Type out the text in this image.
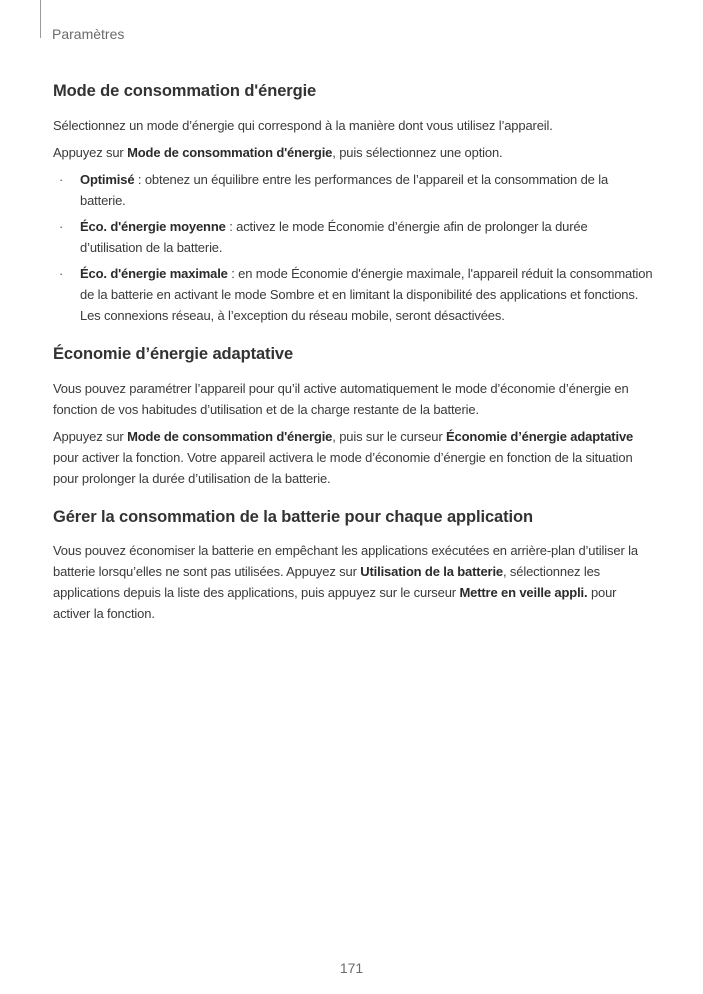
Paramètres
Mode de consommation d'énergie

Sélectionnez un mode d’énergie qui correspond à la manière dont vous utilisez l’appareil.

Appuyez sur Mode de consommation d'énergie, puis sélectionnez une option.

· Optimisé : obtenez un équilibre entre les performances de l’appareil et la consommation de la batterie.
· Éco. d'énergie moyenne : activez le mode Économie d’énergie afin de prolonger la durée d’utilisation de la batterie.
· Éco. d'énergie maximale : en mode Économie d'énergie maximale, l'appareil réduit la consommation de la batterie en activant le mode Sombre et en limitant la disponibilité des applications et fonctions. Les connexions réseau, à l’exception du réseau mobile, seront désactivées.
Économie d’énergie adaptative

Vous pouvez paramétrer l’appareil pour qu’il active automatiquement le mode d’économie d’énergie en fonction de vos habitudes d’utilisation et de la charge restante de la batterie.

Appuyez sur Mode de consommation d'énergie, puis sur le curseur Économie d’énergie adaptative pour activer la fonction. Votre appareil activera le mode d’économie d’énergie en fonction de la situation pour prolonger la durée d’utilisation de la batterie.

Gérer la consommation de la batterie pour chaque application

Vous pouvez économiser la batterie en empêchant les applications exécutées en arrière-plan d’utiliser la batterie lorsqu’elles ne sont pas utilisées. Appuyez sur Utilisation de la batterie, sélectionnez les applications depuis la liste des applications, puis appuyez sur le curseur Mettre en veille appli. pour activer la fonction.

171
